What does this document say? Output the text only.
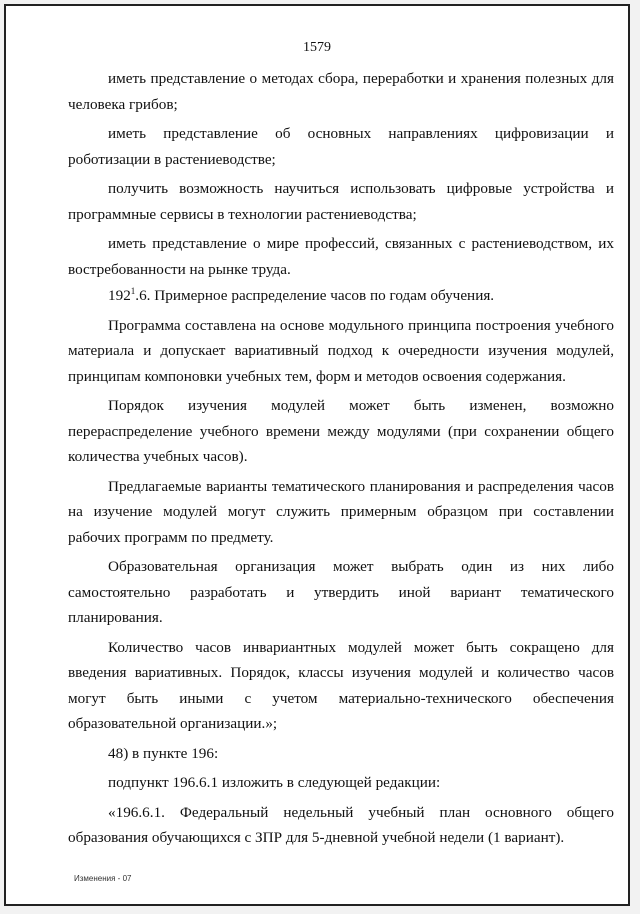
1579

иметь представление о методах сбора, переработки и хранения полезных для человека грибов;

иметь представление об основных направлениях цифровизации и роботизации в растениеводстве;

получить возможность научиться использовать цифровые устройства и программные сервисы в технологии растениеводства;

иметь представление о мире профессий, связанных с растениеводством, их востребованности на рынке труда.

$192^1.6$. Примерное распределение часов по годам обучения.

Программа составлена на основе модульного принципа построения учебного материала и допускает вариативный подход к очередности изучения модулей, принципам компоновки учебных тем, форм и методов освоения содержания.

Порядок изучения модулей может быть изменен, возможно перераспределение учебного времени между модулями (при сохранении общего количества учебных часов).

Предлагаемые варианты тематического планирования и распределения часов на изучение модулей могут служить примерным образцом при составлении рабочих программ по предмету.

Образовательная организация может выбрать один из них либо самостоятельно разработать и утвердить иной вариант тематического планирования.

Количество часов инвариантных модулей может быть сокращено для введения вариативных. Порядок, классы изучения модулей и количество часов могут быть иными с учетом материально-технического обеспечения образовательной организации.»;

48) в пункте 196:

подпункт 196.6.1 изложить в следующей редакции:

«196.6.1. Федеральный недельный учебный план основного общего образования обучающихся с ЗПР для 5-дневной учебной недели (1 вариант).

Изменения - 07
